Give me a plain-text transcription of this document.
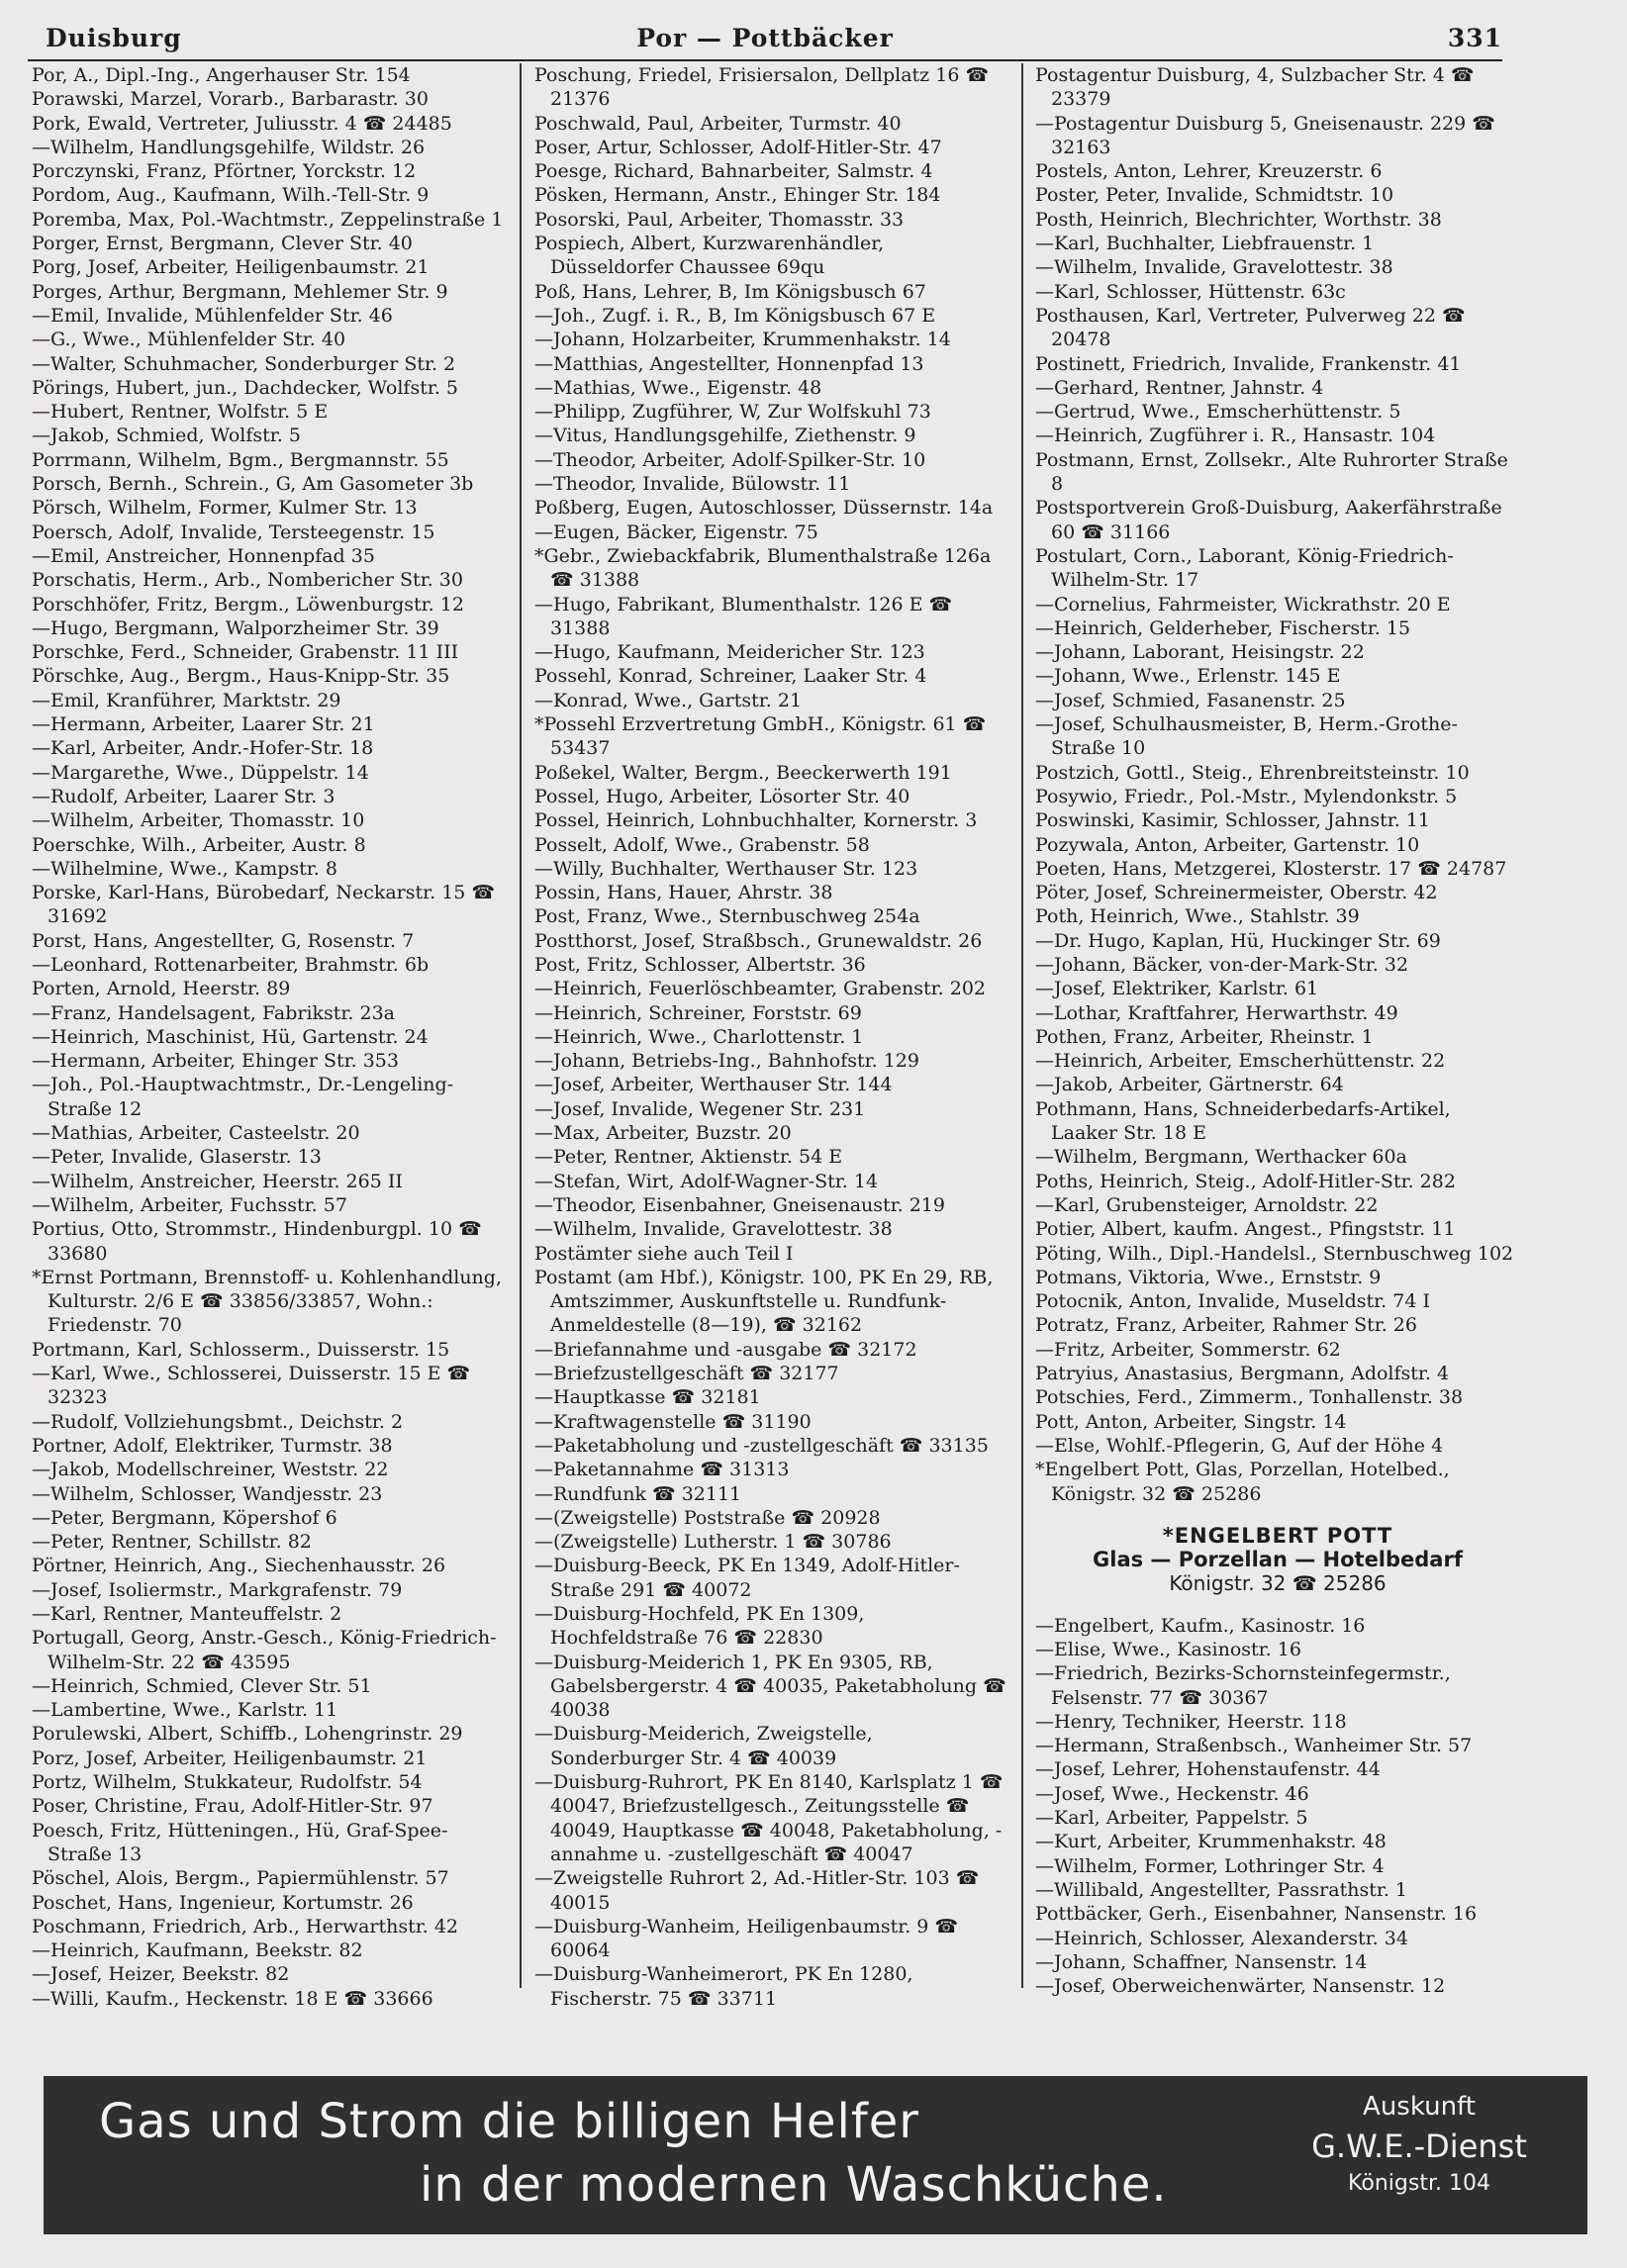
Duisburg	Por — Pottbäcker	331
Por, A., Dipl.-Ing., Angerhauser Str. 154
Porawski, Marzel, Vorarb., Barbarastr. 30
Pork, Ewald, Vertreter, Juliusstr. 4 ☎ 24485
—Wilhelm, Handlungsgehilfe, Wildstr. 26
Porczynski, Franz, Pförtner, Yorckstr. 12
Pordom, Aug., Kaufmann, Wilh.-Tell-Str. 9
Poremba, Max, Pol.-Wachtmstr., Zeppelinstraße 1
Porger, Ernst, Bergmann, Clever Str. 40
Porg, Josef, Arbeiter, Heiligenbaumstr. 21
Porges, Arthur, Bergmann, Mehlemer Str. 9
—Emil, Invalide, Mühlenfelder Str. 46
—G., Wwe., Mühlenfelder Str. 40
—Walter, Schuhmacher, Sonderburger Str. 2
Pörings, Hubert, jun., Dachdecker, Wolfstr. 5
—Hubert, Rentner, Wolfstr. 5 E
—Jakob, Schmied, Wolfstr. 5
Porrmann, Wilhelm, Bgm., Bergmannstr. 55
Porsch, Bernh., Schrein., G, Am Gasometer 3b
Pörsch, Wilhelm, Former, Kulmer Str. 13
Poersch, Adolf, Invalide, Tersteegenstr. 15
—Emil, Anstreicher, Honnenpfad 35
Porschatis, Herm., Arb., Nombericher Str. 30
Porschhöfer, Fritz, Bergm., Löwenburgstr. 12
—Hugo, Bergmann, Walporzheimer Str. 39
Porschke, Ferd., Schneider, Grabenstr. 11 III
Pörschke, Aug., Bergm., Haus-Knipp-Str. 35
—Emil, Kranführer, Marktstr. 29
—Hermann, Arbeiter, Laarer Str. 21
—Karl, Arbeiter, Andr.-Hofer-Str. 18
—Margarethe, Wwe., Düppelstr. 14
—Rudolf, Arbeiter, Laarer Str. 3
—Wilhelm, Arbeiter, Thomasstr. 10
Poerschke, Wilh., Arbeiter, Austr. 8
—Wilhelmine, Wwe., Kampstr. 8
Porske, Karl-Hans, Bürobedarf, Neckarstr. 15 ☎ 31692
Porst, Hans, Angestellter, G, Rosenstr. 7
—Leonhard, Rottenarbeiter, Brahmstr. 6b
Porten, Arnold, Heerstr. 89
—Franz, Handelsagent, Fabrikstr. 23a
—Heinrich, Maschinist, Hü, Gartenstr. 24
—Hermann, Arbeiter, Ehinger Str. 353
—Joh., Pol.-Hauptwachtmstr., Dr.-Lengeling-Straße 12
—Mathias, Arbeiter, Casteelstr. 20
—Peter, Invalide, Glaserstr. 13
—Wilhelm, Anstreicher, Heerstr. 265 II
—Wilhelm, Arbeiter, Fuchsstr. 57
Portius, Otto, Strommstr., Hindenburgpl. 10 ☎ 33680
*Ernst Portmann, Brennstoff- u. Kohlenhandlung, Kulturstr. 2/6 E ☎ 33856/33857, Wohn.: Friedenstr. 70
Portmann, Karl, Schlosserm., Duisserstr. 15
—Karl, Wwe., Schlosserei, Duisserstr. 15 E ☎ 32323
—Rudolf, Vollziehungsbmt., Deichstr. 2
Portner, Adolf, Elektriker, Turmstr. 38
—Jakob, Modellschreiner, Weststr. 22
—Wilhelm, Schlosser, Wandjesstr. 23
—Peter, Bergmann, Köpershof 6
—Peter, Rentner, Schillstr. 82
Pörtner, Heinrich, Ang., Siechenhausstr. 26
—Josef, Isoliermstr., Markgrafenstr. 79
—Karl, Rentner, Manteuffelstr. 2
Portugall, Georg, Anstr.-Gesch., König-Friedrich-Wilhelm-Str. 22 ☎ 43595
—Heinrich, Schmied, Clever Str. 51
—Lambertine, Wwe., Karlstr. 11
Porulewski, Albert, Schiffb., Lohengrinstr. 29
Porz, Josef, Arbeiter, Heiligenbaumstr. 21
Portz, Wilhelm, Stukkateur, Rudolfstr. 54
Poser, Christine, Frau, Adolf-Hitler-Str. 97
Poesch, Fritz, Hütteningen., Hü, Graf-Spee-Straße 13
Pöschel, Alois, Bergm., Papiermühlenstr. 57
Poschet, Hans, Ingenieur, Kortumstr. 26
Poschmann, Friedrich, Arb., Herwarthstr. 42
—Heinrich, Kaufmann, Beekstr. 82
—Josef, Heizer, Beekstr. 82
—Willi, Kaufm., Heckenstr. 18 E ☎ 33666
Poschung, Friedel, Frisiersalon, Dellplatz 16 ☎ 21376
Poschwald, Paul, Arbeiter, Turmstr. 40
Poser, Artur, Schlosser, Adolf-Hitler-Str. 47
Poesge, Richard, Bahnarbeiter, Salmstr. 4
Pösken, Hermann, Anstr., Ehinger Str. 184
Posorski, Paul, Arbeiter, Thomasstr. 33
Pospiech, Albert, Kurzwarenhändler, Düsseldorfer Chaussee 69qu
Poß, Hans, Lehrer, B, Im Königsbusch 67
—Joh., Zugf. i. R., B, Im Königsbusch 67 E
—Johann, Holzarbeiter, Krummenhakstr. 14
—Matthias, Angestellter, Honnenpfad 13
—Mathias, Wwe., Eigenstr. 48
—Philipp, Zugführer, W, Zur Wolfskuhl 73
—Vitus, Handlungsgehilfe, Ziethenstr. 9
—Theodor, Arbeiter, Adolf-Spilker-Str. 10
—Theodor, Invalide, Bülowstr. 11
Poßberg, Eugen, Autoschlosser, Düssernstr. 14a
—Eugen, Bäcker, Eigenstr. 75
*Gebr., Zwiebackfabrik, Blumenthalstraße 126a ☎ 31388
—Hugo, Fabrikant, Blumenthalstr. 126 E ☎ 31388
—Hugo, Kaufmann, Meidericher Str. 123
Possehl, Konrad, Schreiner, Laaker Str. 4
—Konrad, Wwe., Gartstr. 21
*Possehl Erzvertretung GmbH., Königstr. 61 ☎ 53437
Poßekel, Walter, Bergm., Beeckerwerth 191
Possel, Hugo, Arbeiter, Lösorter Str. 40
Possel, Heinrich, Lohnbuchhalter, Kornerstr. 3
Posselt, Adolf, Wwe., Grabenstr. 58
—Willy, Buchhalter, Werthauser Str. 123
Possin, Hans, Hauer, Ahrstr. 38
Post, Franz, Wwe., Sternbuschweg 254a
Postthorst, Josef, Straßbsch., Grunewaldstr. 26
Post, Fritz, Schlosser, Albertstr. 36
—Heinrich, Feuerlöschbeamter, Grabenstr. 202
—Heinrich, Schreiner, Forststr. 69
—Heinrich, Wwe., Charlottenstr. 1
—Johann, Betriebs-Ing., Bahnhofstr. 129
—Josef, Arbeiter, Werthauser Str. 144
—Josef, Invalide, Wegener Str. 231
—Max, Arbeiter, Buzstr. 20
—Peter, Rentner, Aktienstr. 54 E
—Stefan, Wirt, Adolf-Wagner-Str. 14
—Theodor, Eisenbahner, Gneisenaustr. 219
—Wilhelm, Invalide, Gravelottestr. 38
Postämter siehe auch Teil I
Postamt (am Hbf.), Königstr. 100, PK En 29, RB, Amtszimmer, Auskunftstelle u. Rundfunk-Anmeldestelle (8—19), ☎ 32162
—Briefannahme und -ausgabe ☎ 32172
—Briefzustellgeschäft ☎ 32177
—Hauptkasse ☎ 32181
—Kraftwagenstelle ☎ 31190
—Paketabholung und -zustellgeschäft ☎ 33135
—Paketannahme ☎ 31313
—Rundfunk ☎ 32111
—(Zweigstelle) Poststraße ☎ 20928
—(Zweigstelle) Lutherstr. 1 ☎ 30786
—Duisburg-Beeck, PK En 1349, Adolf-Hitler-Straße 291 ☎ 40072
—Duisburg-Hochfeld, PK En 1309, Hochfeldstraße 76 ☎ 22830
—Duisburg-Meiderich 1, PK En 9305, RB, Gabelsbergerstr. 4 ☎ 40035, Paketabholung ☎ 40038
—Duisburg-Meiderich, Zweigstelle, Sonderburger Str. 4 ☎ 40039
—Duisburg-Ruhrort, PK En 8140, Karlsplatz 1 ☎ 40047, Briefzustellgesch., Zeitungsstelle ☎ 40049, Hauptkasse ☎ 40048, Paketabholung, -annahme u. -zustellgeschäft ☎ 40047
—Zweigstelle Ruhrort 2, Ad.-Hitler-Str. 103 ☎ 40015
—Duisburg-Wanheim, Heiligenbaumstr. 9 ☎ 60064
—Duisburg-Wanheimerort, PK En 1280, Fischerstr. 75 ☎ 33711
Postagentur Duisburg, 4, Sulzbacher Str. 4 ☎ 23379
—Postagentur Duisburg 5, Gneisenaustr. 229 ☎ 32163
Postels, Anton, Lehrer, Kreuzerstr. 6
Poster, Peter, Invalide, Schmidtstr. 10
Posth, Heinrich, Blechrichter, Worthstr. 38
—Karl, Buchhalter, Liebfrauenstr. 1
—Wilhelm, Invalide, Gravelottestr. 38
—Karl, Schlosser, Hüttenstr. 63c
Posthausen, Karl, Vertreter, Pulverweg 22 ☎ 20478
Postinett, Friedrich, Invalide, Frankenstr. 41
—Gerhard, Rentner, Jahnstr. 4
—Gertrud, Wwe., Emscherhüttenstr. 5
—Heinrich, Zugführer i. R., Hansastr. 104
Postmann, Ernst, Zollsekr., Alte Ruhrorter Straße 8
Postsportverein Groß-Duisburg, Aakerfährstraße 60 ☎ 31166
Postulart, Corn., Laborant, König-Friedrich-Wilhelm-Str. 17
—Cornelius, Fahrmeister, Wickrathstr. 20 E
—Heinrich, Gelderheber, Fischerstr. 15
—Johann, Laborant, Heisingstr. 22
—Johann, Wwe., Erlenstr. 145 E
—Josef, Schmied, Fasanenstr. 25
—Josef, Schulhausmeister, B, Herm.-Grothe-Straße 10
Postzich, Gottl., Steig., Ehrenbreitsteinstr. 10
Posywio, Friedr., Pol.-Mstr., Mylendonkstr. 5
Poswinski, Kasimir, Schlosser, Jahnstr. 11
Pozywala, Anton, Arbeiter, Gartenstr. 10
Poeten, Hans, Metzgerei, Klosterstr. 17 ☎ 24787
Pöter, Josef, Schreinermeister, Oberstr. 42
Poth, Heinrich, Wwe., Stahlstr. 39
—Dr. Hugo, Kaplan, Hü, Huckinger Str. 69
—Johann, Bäcker, von-der-Mark-Str. 32
—Josef, Elektriker, Karlstr. 61
—Lothar, Kraftfahrer, Herwarthstr. 49
Pothen, Franz, Arbeiter, Rheinstr. 1
—Heinrich, Arbeiter, Emscherhüttenstr. 22
—Jakob, Arbeiter, Gärtnerstr. 64
Pothmann, Hans, Schneiderbedarfs-Artikel, Laaker Str. 18 E
—Wilhelm, Bergmann, Werthacker 60a
Poths, Heinrich, Steig., Adolf-Hitler-Str. 282
—Karl, Grubensteiger, Arnoldstr. 22
Potier, Albert, kaufm. Angest., Pfingststr. 11
Pöting, Wilh., Dipl.-Handelsl., Sternbuschweg 102
Potmans, Viktoria, Wwe., Ernststr. 9
Potocnik, Anton, Invalide, Museldstr. 74 I
Potratz, Franz, Arbeiter, Rahmer Str. 26
—Fritz, Arbeiter, Sommerstr. 62
Patryius, Anastasius, Bergmann, Adolfstr. 4
Potschies, Ferd., Zimmerm., Tonhallenstr. 38
Pott, Anton, Arbeiter, Singstr. 14
—Else, Wohlf.-Pflegerin, G, Auf der Höhe 4
*Engelbert Pott, Glas, Porzellan, Hotelbed., Königstr. 32 ☎ 25286
*ENGELBERT POTT
Glas — Porzellan — Hotelbedarf
Königstr. 32 ☎ 25286
—Engelbert, Kaufm., Kasinostr. 16
—Elise, Wwe., Kasinostr. 16
—Friedrich, Bezirks-Schornsteinfegermstr., Felsenstr. 77 ☎ 30367
—Henry, Techniker, Heerstr. 118
—Hermann, Straßenbsch., Wanheimer Str. 57
—Josef, Lehrer, Hohenstaufenstr. 44
—Josef, Wwe., Heckenstr. 46
—Karl, Arbeiter, Pappelstr. 5
—Kurt, Arbeiter, Krummenhakstr. 48
—Wilhelm, Former, Lothringer Str. 4
—Willibald, Angestellter, Passrathstr. 1
Pottbäcker, Gerh., Eisenbahner, Nansenstr. 16
—Heinrich, Schlosser, Alexanderstr. 34
—Johann, Schaffner, Nansenstr. 14
—Josef, Oberweichenwärter, Nansenstr. 12
Gas und Strom die billigen Helfer
in der modernen Waschküche.
Auskunft
G.W.E.-Dienst
Königstr. 104
